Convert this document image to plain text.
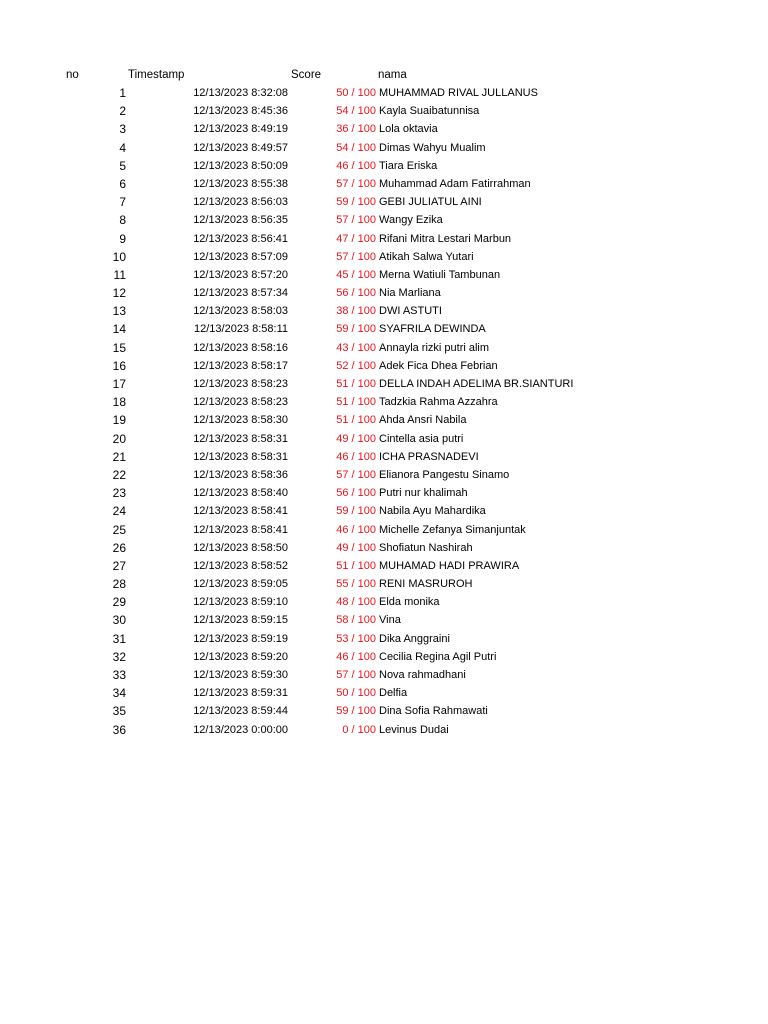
no	Timestamp	Score	nama
1	12/13/2023 8:32:08	50 / 100 MUHAMMAD RIVAL JULLANUS
2	12/13/2023 8:45:36	54 / 100 Kayla Suaibatunnisa
3	12/13/2023 8:49:19	36 / 100 Lola oktavia
4	12/13/2023 8:49:57	54 / 100 Dimas Wahyu Mualim
5	12/13/2023 8:50:09	46 / 100 Tiara Eriska
6	12/13/2023 8:55:38	57 / 100 Muhammad Adam Fatirrahman
7	12/13/2023 8:56:03	59 / 100 GEBI JULIATUL AINI
8	12/13/2023 8:56:35	57 / 100 Wangy Ezika
9	12/13/2023 8:56:41	47 / 100 Rifani Mitra Lestari Marbun
10	12/13/2023 8:57:09	57 / 100 Atikah Salwa Yutari
11	12/13/2023 8:57:20	45 / 100 Merna Watiuli Tambunan
12	12/13/2023 8:57:34	56 / 100 Nia Marliana
13	12/13/2023 8:58:03	38 / 100 DWI ASTUTI
14	12/13/2023 8:58:11	59 / 100 SYAFRILA DEWINDA
15	12/13/2023 8:58:16	43 / 100 Annayla rizki putri alim
16	12/13/2023 8:58:17	52 / 100 Adek Fica Dhea Febrian
17	12/13/2023 8:58:23	51 / 100 DELLA INDAH ADELIMA BR.SIANTURI
18	12/13/2023 8:58:23	51 / 100 Tadzkia Rahma Azzahra
19	12/13/2023 8:58:30	51 / 100 Ahda Ansri Nabila
20	12/13/2023 8:58:31	49 / 100 Cintella asia putri
21	12/13/2023 8:58:31	46 / 100 ICHA PRASNADEVI
22	12/13/2023 8:58:36	57 / 100 Elianora Pangestu Sinamo
23	12/13/2023 8:58:40	56 / 100 Putri nur khalimah
24	12/13/2023 8:58:41	59 / 100 Nabila Ayu Mahardika
25	12/13/2023 8:58:41	46 / 100 Michelle Zefanya Simanjuntak
26	12/13/2023 8:58:50	49 / 100 Shofiatun Nashirah
27	12/13/2023 8:58:52	51 / 100 MUHAMAD HADI PRAWIRA
28	12/13/2023 8:59:05	55 / 100 RENI MASRUROH
29	12/13/2023 8:59:10	48 / 100 Elda monika
30	12/13/2023 8:59:15	58 / 100 Vina
31	12/13/2023 8:59:19	53 / 100 Dika Anggraini
32	12/13/2023 8:59:20	46 / 100 Cecilia Regina Agil Putri
33	12/13/2023 8:59:30	57 / 100 Nova rahmadhani
34	12/13/2023 8:59:31	50 / 100 Delfia
35	12/13/2023 8:59:44	59 / 100 Dina Sofia Rahmawati
36	12/13/2023 0:00:00	0 / 100 Levinus Dudai
